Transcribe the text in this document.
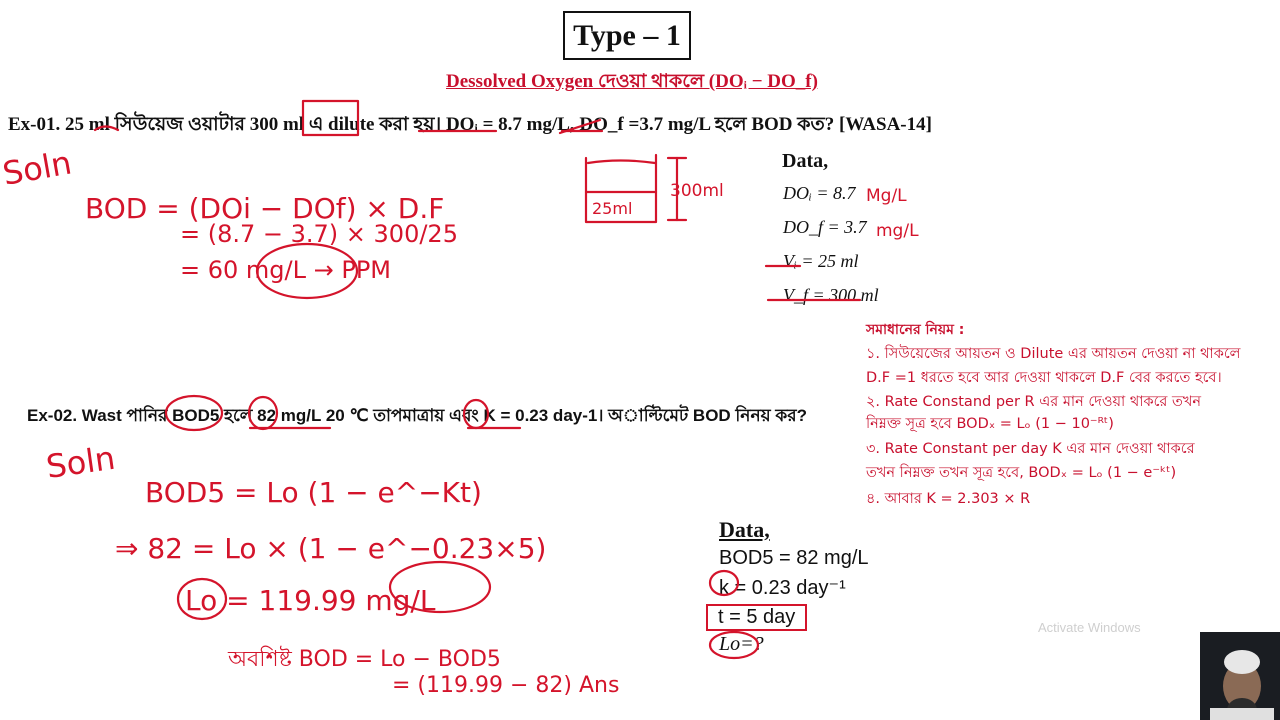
Type – 1
Dessolved Oxygen দেওয়া থাকলে (DOᵢ − DO_f)
Ex-01. 25 ml সিউয়েজ ওয়াটার 300 ml এ dilute করা হয়। DOᵢ = 8.7 mg/L, DO_f =3.7 mg/L হলে BOD কত? [WASA-14]
Data,
DOᵢ = 8.7
DO_f = 3.7
Vᵢ = 25 ml
V_f = 300 ml
সমাধানের নিয়ম :
১. সিউয়েজের আয়তন ও Dilute এর আয়তন দেওয়া না থাকলে
D.F =1 ধরতে হবে আর দেওয়া থাকলে D.F বের করতে হবে।
২. Rate Constand per R এর মান দেওয়া থাকরে তখন
নিম্নক্ত সূত্র হবে BODₓ = Lₒ (1 − 10⁻ᴿᵗ)
৩. Rate Constant per day K এর মান দেওয়া থাকরে
তখন নিম্নক্ত তখন সূত্র হবে, BODₓ = Lₒ (1 − e⁻ᵏᵗ)
৪. আবার K = 2.303 × R
Ex-02. Wast পানির BOD5 হলে 82 mg/L 20 ℃ তাপমাত্রায় এবং K = 0.23 day-1। অাল্টিমেট BOD নিনয় কর?
Data,
BOD5 = 82 mg/L
k = 0.23 day⁻¹
t = 5 day
Lo=?
Soln
BOD = (DOi − DOf) × D.F
= (8.7 − 3.7) × 300/25
= 60 mg/L → PPM
25ml
300ml	Mg/L
mg/L
Soln
BOD5 = Lo (1 − e^−Kt)
⇒ 82 = Lo × (1 − e^−0.23×5)
Lo = 119.99 mg/L
অবশিষ্ট BOD = Lo − BOD5
= (119.99 − 82) Ans
Activate Windows
